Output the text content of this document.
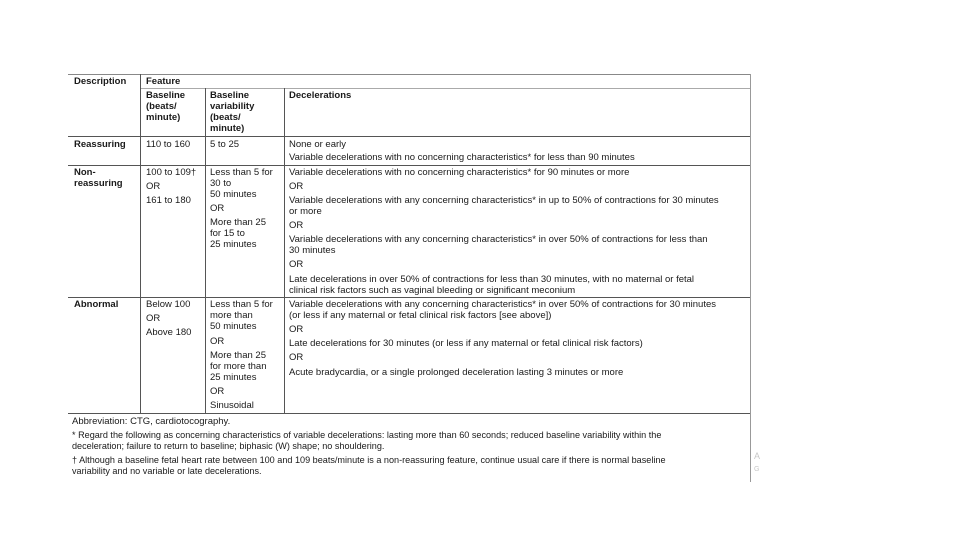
Description Feature
Baseline
(beats/
minute)
Baseline
variability
(beats/
minute)
Decelerations
Reassuring 110 to 160 5 to 25	None or early
Variable decelerations with no concerning characteristics* for less than 90 minutes
Non-
reassuring
100 to 109†
OR
161 to 180
Less than 5 for
30 to
50 minutes
OR
More than 25
for 15 to
25 minutes
Variable decelerations with no concerning characteristics* for 90 minutes or more
OR
Variable decelerations with any concerning characteristics* in up to 50% of contractions for 30 minutes
or more
OR
Variable decelerations with any concerning characteristics* in over 50% of contractions for less than
30 minutes
OR
Late decelerations in over 50% of contractions for less than 30 minutes, with no maternal or fetal
clinical risk factors such as vaginal bleeding or significant meconium
Abnormal	Below 100
OR
Above 180
Less than 5 for
more than
50 minutes
OR
More than 25
for more than
25 minutes
OR
Sinusoidal
Variable decelerations with any concerning characteristics* in over 50% of contractions for 30 minutes
(or less if any maternal or fetal clinical risk factors [see above])
OR
Late decelerations for 30 minutes (or less if any maternal or fetal clinical risk factors)
OR
Acute bradycardia, or a single prolonged deceleration lasting 3 minutes or more
Abbreviation: CTG, cardiotocography.
* Regard the following as concerning characteristics of variable decelerations: lasting more than 60 seconds; reduced baseline variability within the
deceleration; failure to return to baseline; biphasic (W) shape; no shouldering.
† Although a baseline fetal heart rate between 100 and 109 beats/minute is a non-reassuring feature, continue usual care if there is normal baseline
variability and no variable or late decelerations.
A
G
